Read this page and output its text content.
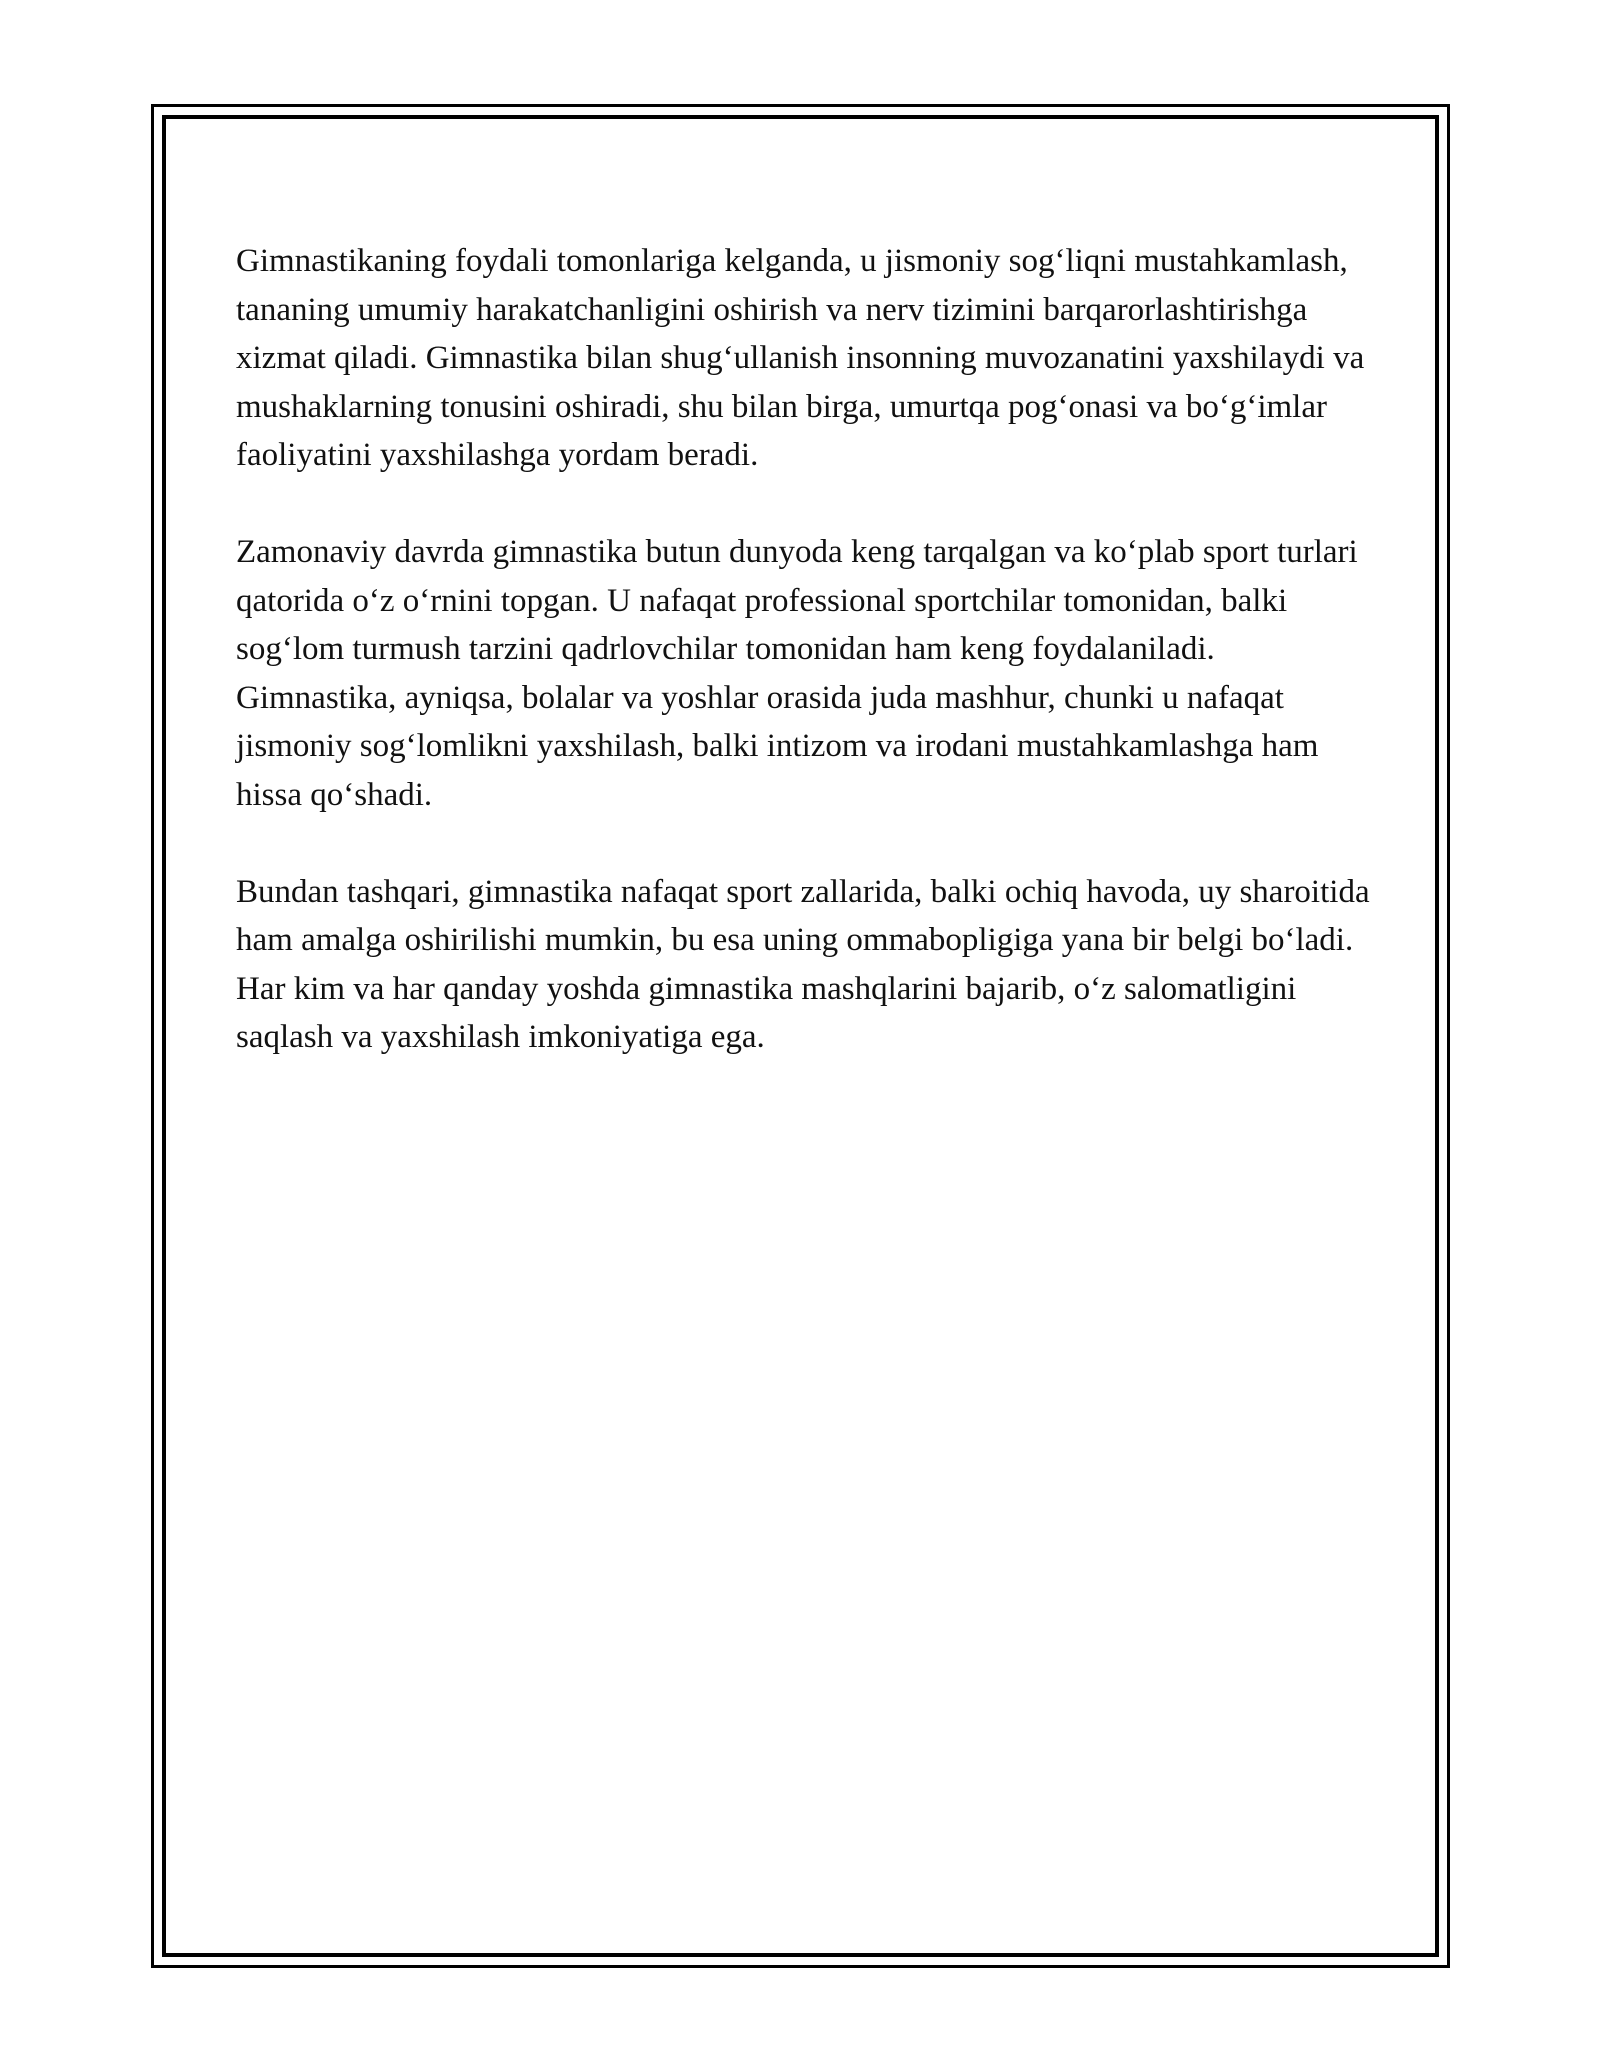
Gimnastikaning foydali tomonlariga kelganda, u jismoniy sog‘liqni mustahkamlash, tananing umumiy harakatchanligini oshirish va nerv tizimini barqarorlashtirishga xizmat qiladi. Gimnastika bilan shug‘ullanish insonning muvozanatini yaxshilaydi va mushaklarning tonusini oshiradi, shu bilan birga, umurtqa pog‘onasi va bo‘g‘imlar faoliyatini yaxshilashga yordam beradi.

Zamonaviy davrda gimnastika butun dunyoda keng tarqalgan va ko‘plab sport turlari qatorida o‘z o‘rnini topgan. U nafaqat professional sportchilar tomonidan, balki sog‘lom turmush tarzini qadrlovchilar tomonidan ham keng foydalaniladi. Gimnastika, ayniqsa, bolalar va yoshlar orasida juda mashhur, chunki u nafaqat jismoniy sog‘lomlikni yaxshilash, balki intizom va irodani mustahkamlashga ham hissa qo‘shadi.

Bundan tashqari, gimnastika nafaqat sport zallarida, balki ochiq havoda, uy sharoitida ham amalga oshirilishi mumkin, bu esa uning ommabopligiga yana bir belgi bo‘ladi. Har kim va har qanday yoshda gimnastika mashqlarini bajarib, o‘z salomatligini saqlash va yaxshilash imkoniyatiga ega.
